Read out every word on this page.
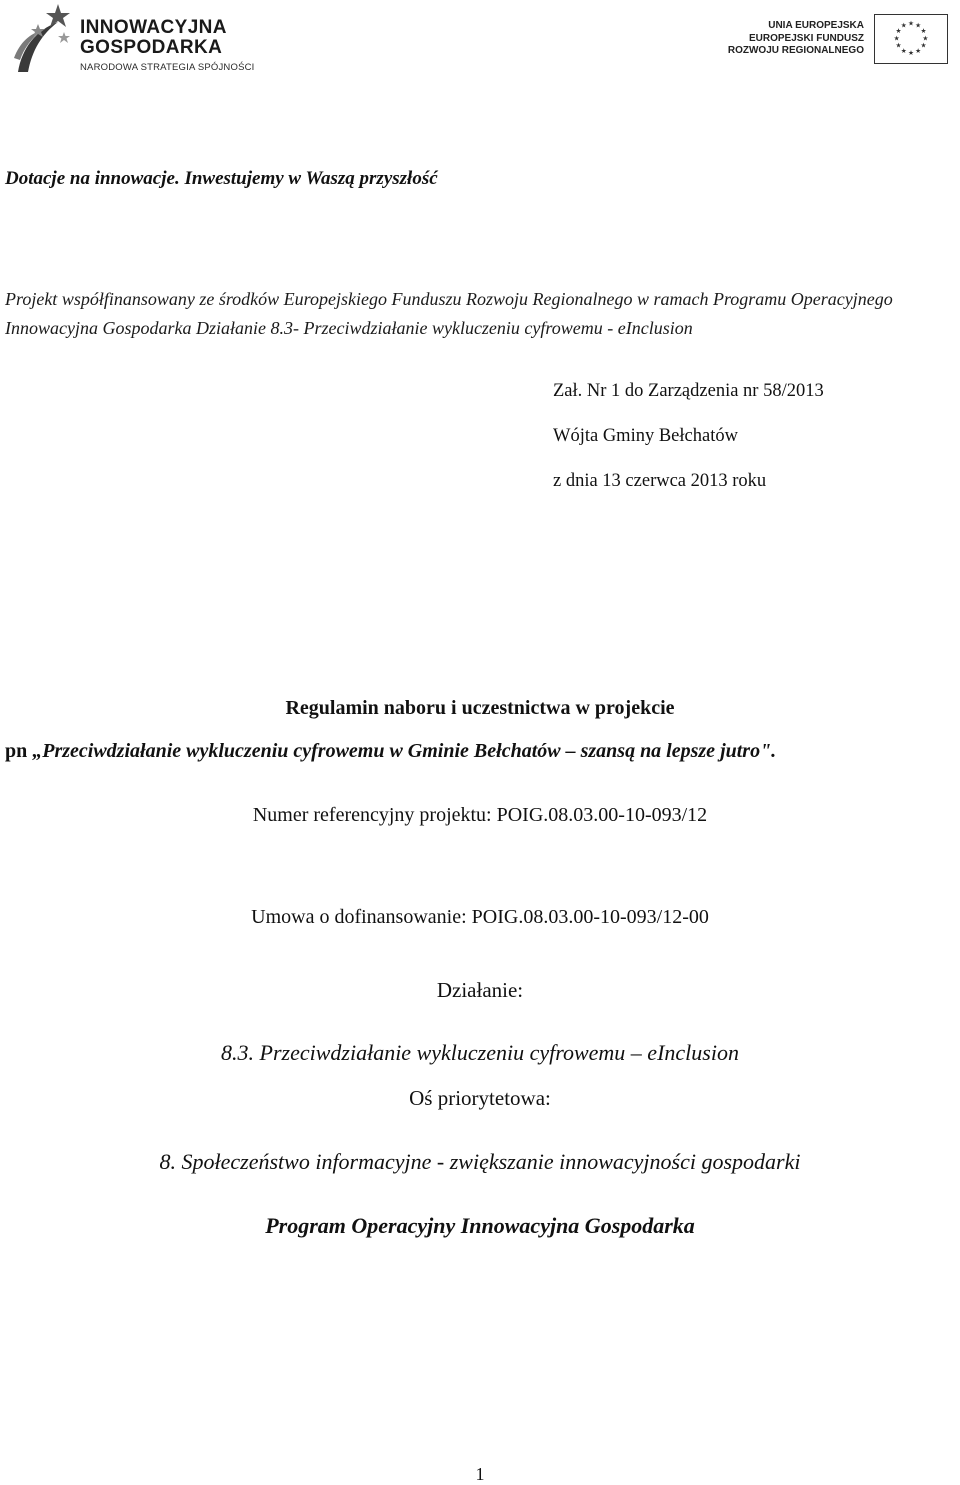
INNOWACYJNA
GOSPODARKA
NARODOWA STRATEGIA SPÓJNOŚCI
UNIA EUROPEJSKA
EUROPEJSKI FUNDUSZ
ROZWOJU REGIONALNEGO
★ ★
★
★
★
★
★
★
★
★
★
★
Dotacje na innowacje. Inwestujemy w Waszą przyszłość
Projekt współfinansowany ze środków Europejskiego Funduszu Rozwoju Regionalnego w ramach Programu Operacyjnego Innowacyjna Gospodarka Działanie 8.3- Przeciwdziałanie wykluczeniu cyfrowemu - eInclusion
Zał. Nr 1 do Zarządzenia nr 58/2013
Wójta Gminy Bełchatów
z dnia 13 czerwca 2013 roku
Regulamin naboru i uczestnictwa w projekcie
pn „Przeciwdziałanie wykluczeniu cyfrowemu w Gminie Bełchatów – szansą na lepsze jutro".
Numer referencyjny projektu: POIG.08.03.00-10-093/12
Umowa o dofinansowanie: POIG.08.03.00-10-093/12-00
Działanie:
8.3. Przeciwdziałanie wykluczeniu cyfrowemu – eInclusion
Oś priorytetowa:
8. Społeczeństwo informacyjne - zwiększanie innowacyjności gospodarki
Program Operacyjny Innowacyjna Gospodarka
1
